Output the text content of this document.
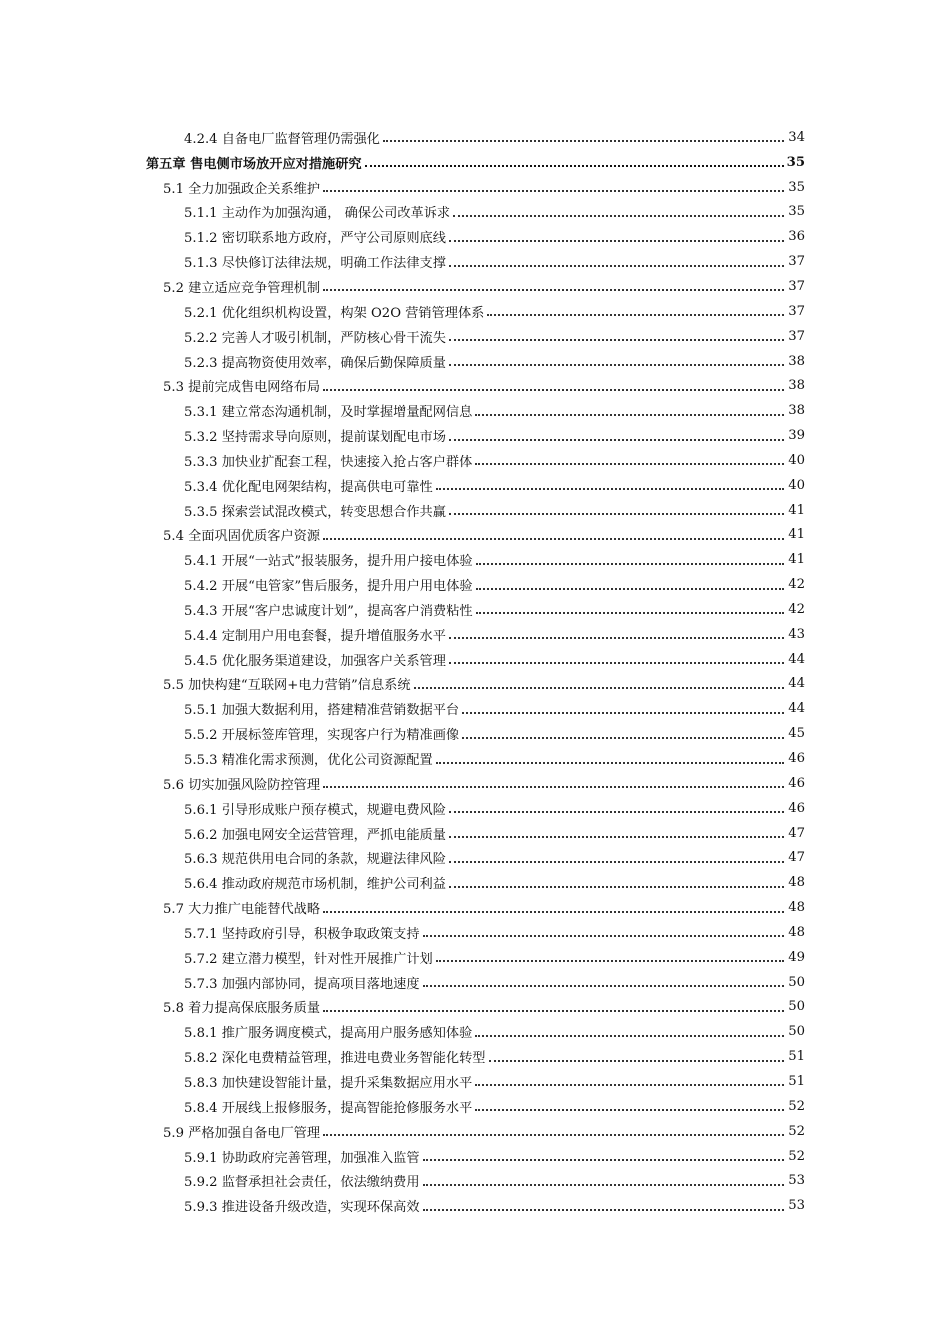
4.2.4 自备电厂监督管理仍需强化	34
第五章 售电侧市场放开应对措施研究	35
5.1 全力加强政企关系维护	35
5.1.1 主动作为加强沟通， 确保公司改革诉求	35
5.1.2 密切联系地方政府，严守公司原则底线	36
5.1.3 尽快修订法律法规，明确工作法律支撑	37
5.2 建立适应竞争管理机制	37
5.2.1 优化组织机构设置，构架 O2O 营销管理体系	37
5.2.2 完善人才吸引机制，严防核心骨干流失	37
5.2.3 提高物资使用效率，确保后勤保障质量	38
5.3 提前完成售电网络布局	38
5.3.1 建立常态沟通机制，及时掌握增量配网信息	38
5.3.2 坚持需求导向原则，提前谋划配电市场	39
5.3.3 加快业扩配套工程，快速接入抢占客户群体	40
5.3.4 优化配电网架结构，提高供电可靠性	40
5.3.5 探索尝试混改模式，转变思想合作共赢	41
5.4 全面巩固优质客户资源	41
5.4.1 开展“一站式”报装服务，提升用户接电体验	41
5.4.2 开展“电管家”售后服务，提升用户用电体验	42
5.4.3 开展“客户忠诚度计划”，提高客户消费粘性	42
5.4.4 定制用户用电套餐，提升增值服务水平	43
5.4.5 优化服务渠道建设，加强客户关系管理	44
5.5 加快构建“互联网+电力营销”信息系统	44
5.5.1 加强大数据利用，搭建精准营销数据平台	44
5.5.2 开展标签库管理，实现客户行为精准画像	45
5.5.3 精准化需求预测，优化公司资源配置	46
5.6 切实加强风险防控管理	46
5.6.1 引导形成账户预存模式，规避电费风险	46
5.6.2 加强电网安全运营管理，严抓电能质量	47
5.6.3 规范供用电合同的条款，规避法律风险	47
5.6.4 推动政府规范市场机制，维护公司利益	48
5.7 大力推广电能替代战略	48
5.7.1 坚持政府引导，积极争取政策支持	48
5.7.2 建立潜力模型，针对性开展推广计划	49
5.7.3 加强内部协同，提高项目落地速度	50
5.8 着力提高保底服务质量	50
5.8.1 推广服务调度模式，提高用户服务感知体验	50
5.8.2 深化电费精益管理，推进电费业务智能化转型	51
5.8.3 加快建设智能计量，提升采集数据应用水平	51
5.8.4 开展线上报修服务，提高智能抢修服务水平	52
5.9 严格加强自备电厂管理	52
5.9.1 协助政府完善管理，加强准入监管	52
5.9.2 监督承担社会责任，依法缴纳费用	53
5.9.3 推进设备升级改造，实现环保高效	53
